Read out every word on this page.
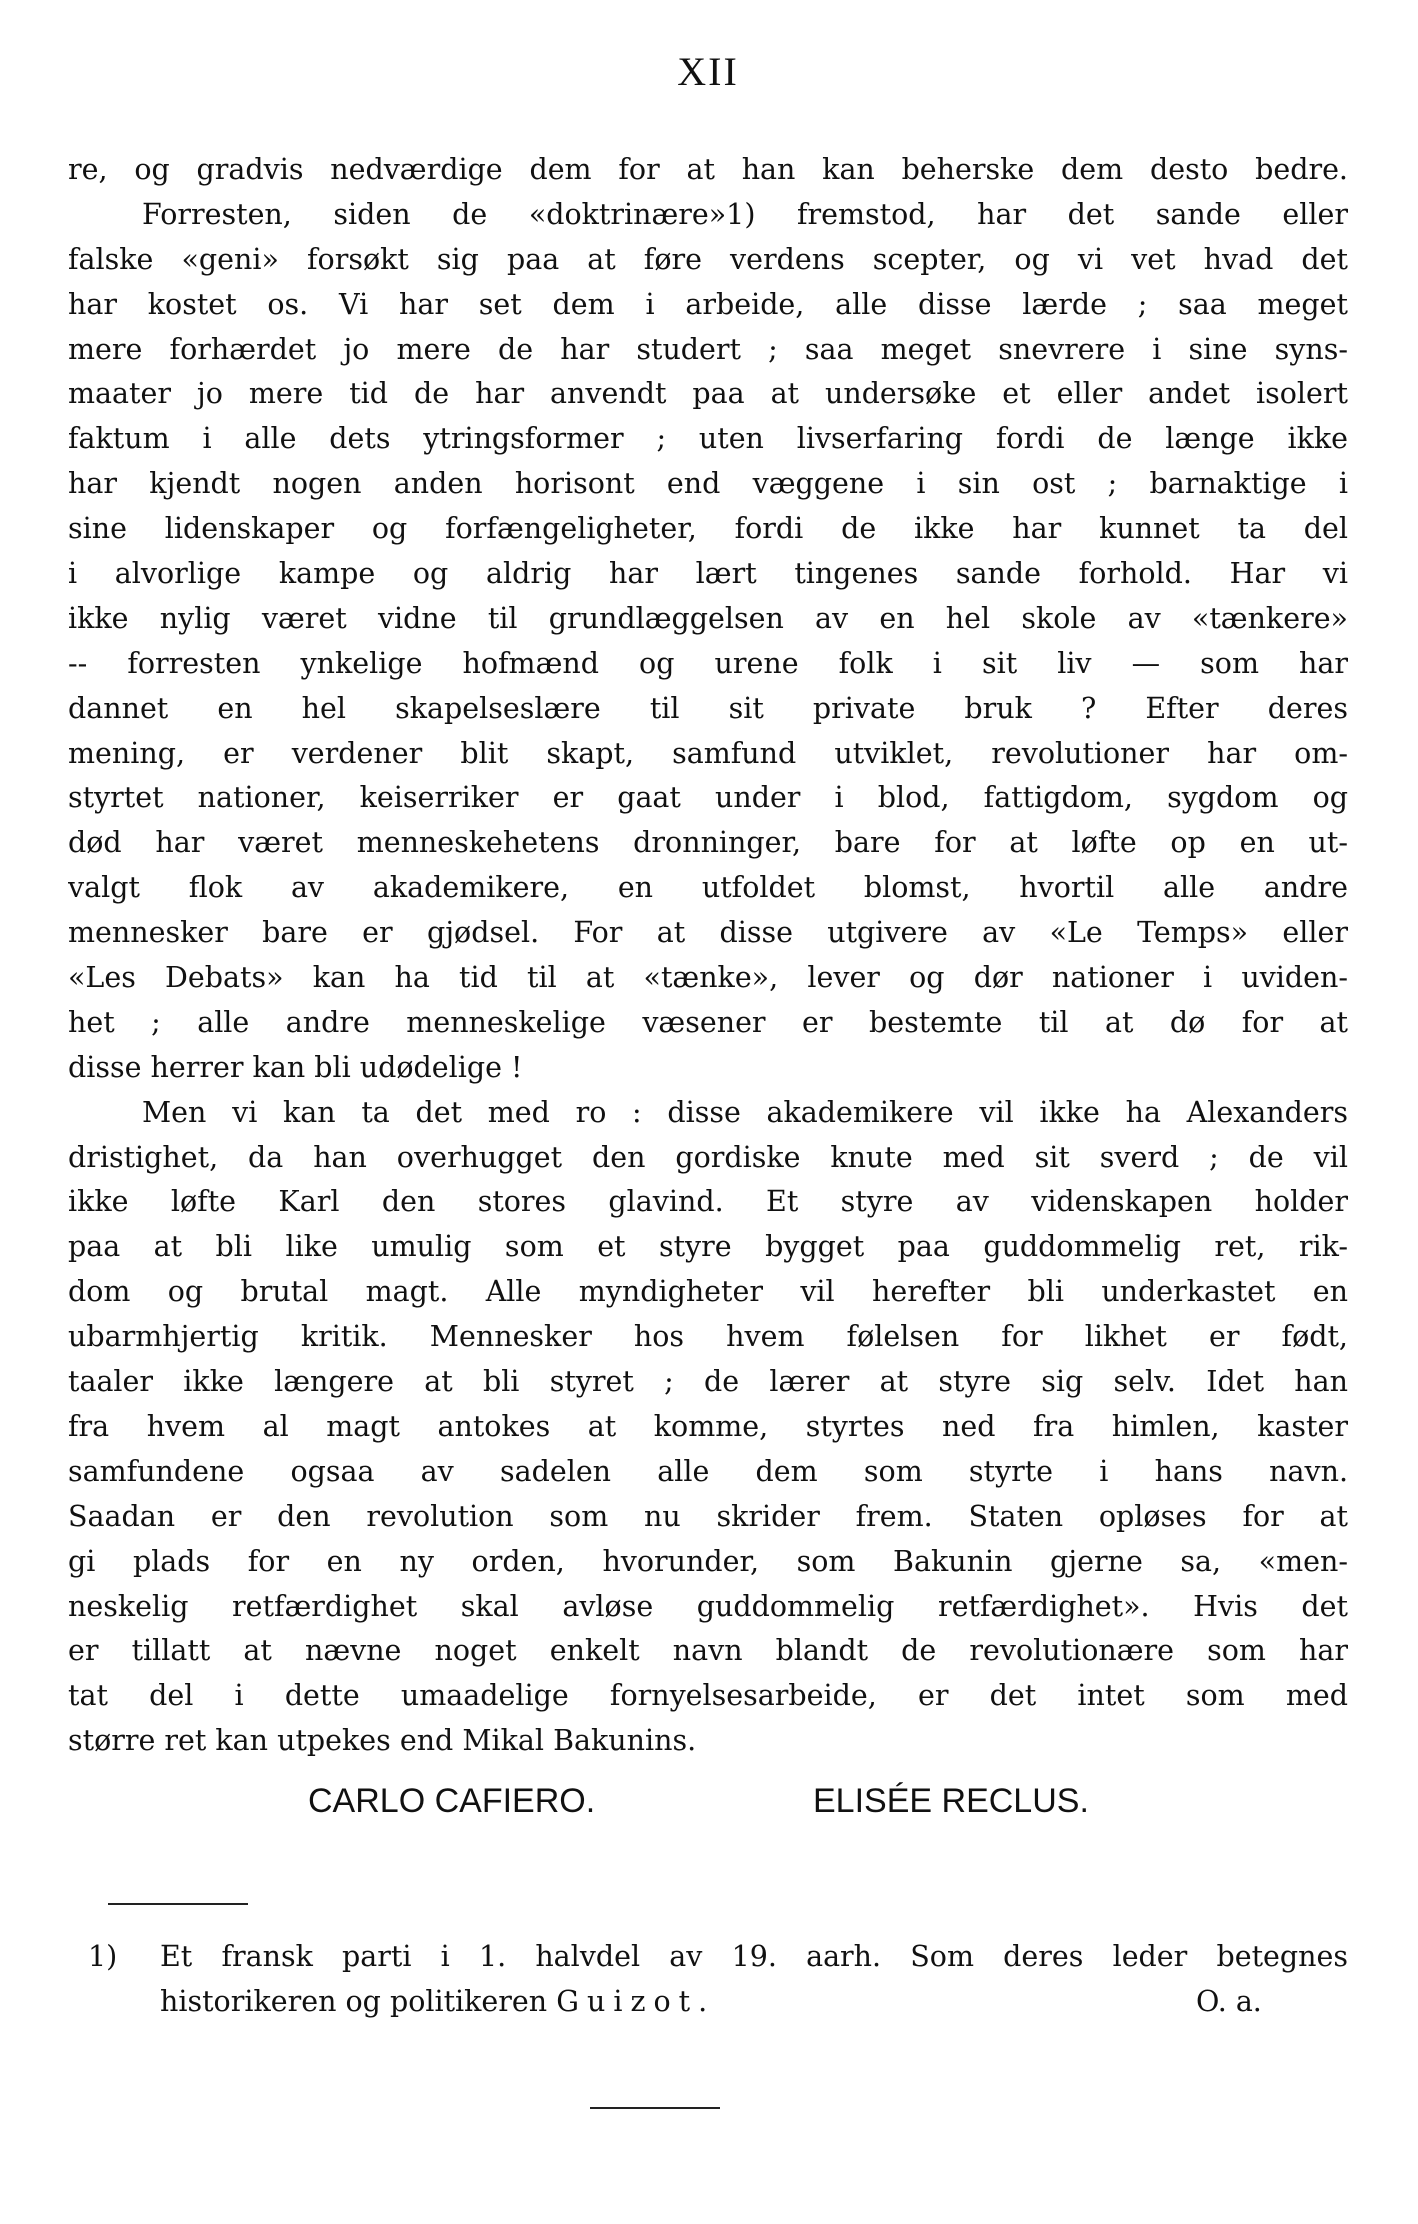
XII
re, og gradvis nedværdige dem for at han kan beherske dem desto bedre.
Forresten, siden de «doktrinære»1) fremstod, har det sande eller
falske «geni» forsøkt sig paa at føre verdens scepter, og vi vet hvad det
har kostet os. Vi har set dem i arbeide, alle disse lærde ; saa meget
mere forhærdet jo mere de har studert ; saa meget snevrere i sine syns-
maater jo mere tid de har anvendt paa at undersøke et eller andet isolert
faktum i alle dets ytringsformer ; uten livserfaring fordi de længe ikke
har kjendt nogen anden horisont end væggene i sin ost ; barnaktige i
sine lidenskaper og forfængeligheter, fordi de ikke har kunnet ta del
i alvorlige kampe og aldrig har lært tingenes sande forhold. Har vi
ikke nylig været vidne til grundlæggelsen av en hel skole av «tænkere»
-- forresten ynkelige hofmænd og urene folk i sit liv — som har
dannet en hel skapelseslære til sit private bruk ? Efter deres
mening, er verdener blit skapt, samfund utviklet, revolutioner har om-
styrtet nationer, keiserriker er gaat under i blod, fattigdom, sygdom og
død har været menneskehetens dronninger, bare for at løfte op en ut-
valgt flok av akademikere, en utfoldet blomst, hvortil alle andre
mennesker bare er gjødsel. For at disse utgivere av «Le Temps» eller
«Les Debats» kan ha tid til at «tænke», lever og dør nationer i uviden-
het ; alle andre menneskelige væsener er bestemte til at dø for at
disse herrer kan bli udødelige !
Men vi kan ta det med ro : disse akademikere vil ikke ha Alexanders
dristighet, da han overhugget den gordiske knute med sit sverd ; de vil
ikke løfte Karl den stores glavind. Et styre av videnskapen holder
paa at bli like umulig som et styre bygget paa guddommelig ret, rik-
dom og brutal magt. Alle myndigheter vil herefter bli underkastet en
ubarmhjertig kritik. Mennesker hos hvem følelsen for likhet er født,
taaler ikke længere at bli styret ; de lærer at styre sig selv. Idet han
fra hvem al magt antokes at komme, styrtes ned fra himlen, kaster
samfundene ogsaa av sadelen alle dem som styrte i hans navn.
Saadan er den revolution som nu skrider frem. Staten opløses for at
gi plads for en ny orden, hvorunder, som Bakunin gjerne sa, «men-
neskelig retfærdighet skal avløse guddommelig retfærdighet». Hvis det
er tillatt at nævne noget enkelt navn blandt de revolutionære som har
tat del i dette umaadelige fornyelsesarbeide, er det intet som med
større ret kan utpekes end Mikal Bakunins.
CARLO CAFIERO.	ELISÉE RECLUS.
1) Et fransk parti i 1. halvdel av 19. aarh. Som deres leder betegnes
historikeren og politikeren Guizot.	O. a.
